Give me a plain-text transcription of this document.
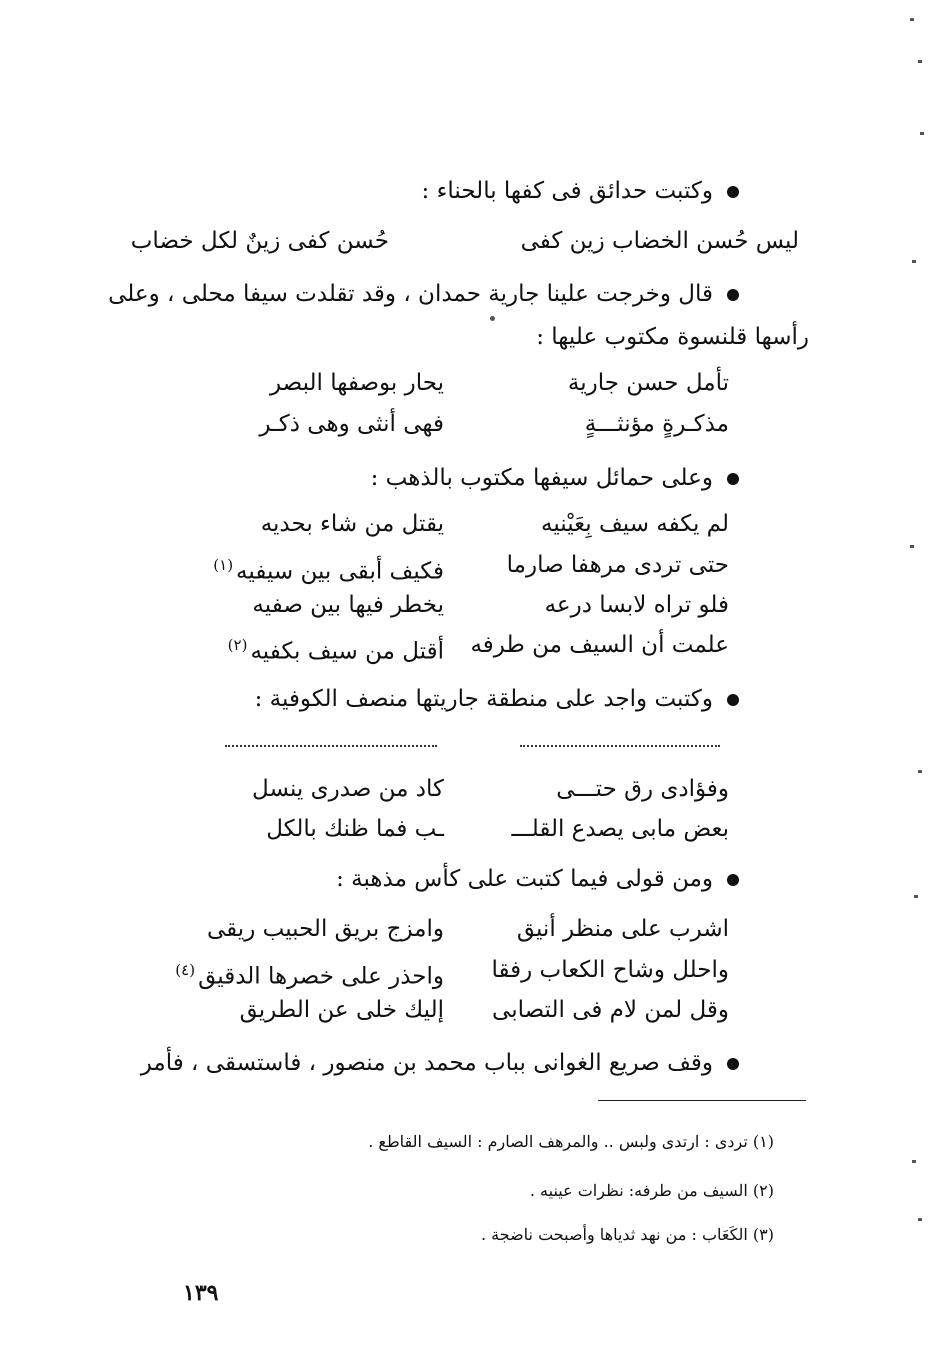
وكتبت حدائق فى كفها بالحناء :
ليس حُسن الخضاب زين كفى
حُسن كفى زينٌ لكل خضاب
قال وخرجت علينا جارية حمدان ، وقد تقلدت سيفا محلى ، وعلى
رأسها قلنسوة مكتوب عليها :
تأمل حسن جارية
يحار بوصفها البصر
مذكـرةٍ مؤنثـــةٍ
فهى أنثى وهى ذكـر
وعلى حمائل سيفها مكتوب بالذهب :
لم يكفه سيف بِعَيْنيه
يقتل من شاء بحديه
حتى تردى مرهفا صارما
فكيف أبقى بين سيفيه$^{(١)}$
فلو تراه لابسا درعه
يخطر فيها بين صفيه
علمت أن السيف من طرفه
أقتل من سيف بكفيه$^{(٢)}$
وكتبت واجد على منطقة جاريتها منصف الكوفية :
وفؤادى رق حتـــى
كاد من صدرى ينسل
بعض مابى يصدع القلـــ
ـب فما ظنك بالكل
ومن قولى فيما كتبت على كأس مذهبة :
اشرب على منظر أنيق
وامزج بريق الحبيب ريقى
واحلل وشاح الكعاب رفقا
واحذر على خصرها الدقيق$^{(٤)}$
وقل لمن لام فى التصابى
إليك خلى عن الطريق
وقف صريع الغوانى بباب محمد بن منصور ، فاستسقى ، فأمر
(١) تردى : ارتدى ولبس .. والمرهف الصارم : السيف القاطع .
(٢) السيف من طرفه: نظرات عينيه .
(٣) الكَعَاب : من نهد ثدياها وأصبحت ناضجة .
١٣٩
